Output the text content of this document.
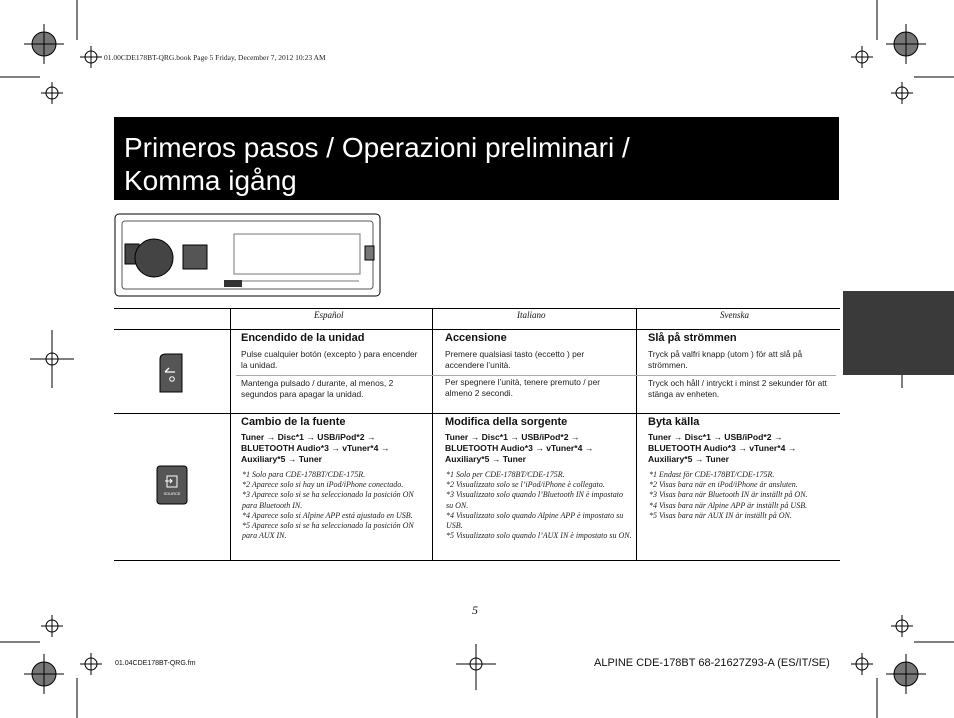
01.00CDE178BT-QRG.book Page 5 Friday, December 7, 2012 10:23 AM
Primeros pasos / Operazioni preliminari /
Komma igång
Español	Italiano	Svenska
SOURCE
Encendido de la unidad
Pulse cualquier botón (excepto ) para encender la unidad.
Mantenga pulsado / durante, al menos, 2 segundos para apagar la unidad.
Accensione
Premere qualsiasi tasto (eccetto ) per accendere l’unità.
Per spegnere l’unità, tenere premuto / per almeno 2 secondi.
Slå på strömmen
Tryck på valfri knapp (utom ) för att slå på strömmen.
Tryck och håll / intryckt i minst 2 sekunder för att stänga av enheten.
Cambio de la fuente
Tuner → Disc*1 → USB/iPod*2 →
BLUETOOTH Audio*3 → vTuner*4 →
Auxiliary*5 → Tuner
*1 Solo para CDE-178BT/CDE-175R.
*2 Aparece solo si hay un iPod/iPhone conectado.
*3 Aparece solo si se ha seleccionado la posición ON para Bluetooth IN.
*4 Aparece solo si Alpine APP está ajustado en USB.
*5 Aparece solo si se ha seleccionado la posición ON para AUX IN.
Modifica della sorgente
Tuner → Disc*1 → USB/iPod*2 →
BLUETOOTH Audio*3 → vTuner*4 →
Auxiliary*5 → Tuner
*1 Solo per CDE-178BT/CDE-175R.
*2 Visualizzato solo se l’iPod/iPhone è collegato.
*3 Visualizzato solo quando l’Bluetooth IN è impostato su ON.
*4 Visualizzato solo quando Alpine APP è impostato su USB.
*5 Visualizzato solo quando l’AUX IN è impostato su ON.
Byta källa
Tuner → Disc*1 → USB/iPod*2 →
BLUETOOTH Audio*3 → vTuner*4 →
Auxiliary*5 → Tuner
*1 Endast för CDE-178BT/CDE-175R.
*2 Visas bara när en iPod/iPhone är ansluten.
*3 Visas bara när Bluetooth IN är inställt på ON.
*4 Visas bara när Alpine APP är inställt på USB.
*5 Visas bara när AUX IN är inställt på ON.
5
01.04CDE178BT-QRG.fm	ALPINE CDE-178BT 68-21627Z93-A (ES/IT/SE)
